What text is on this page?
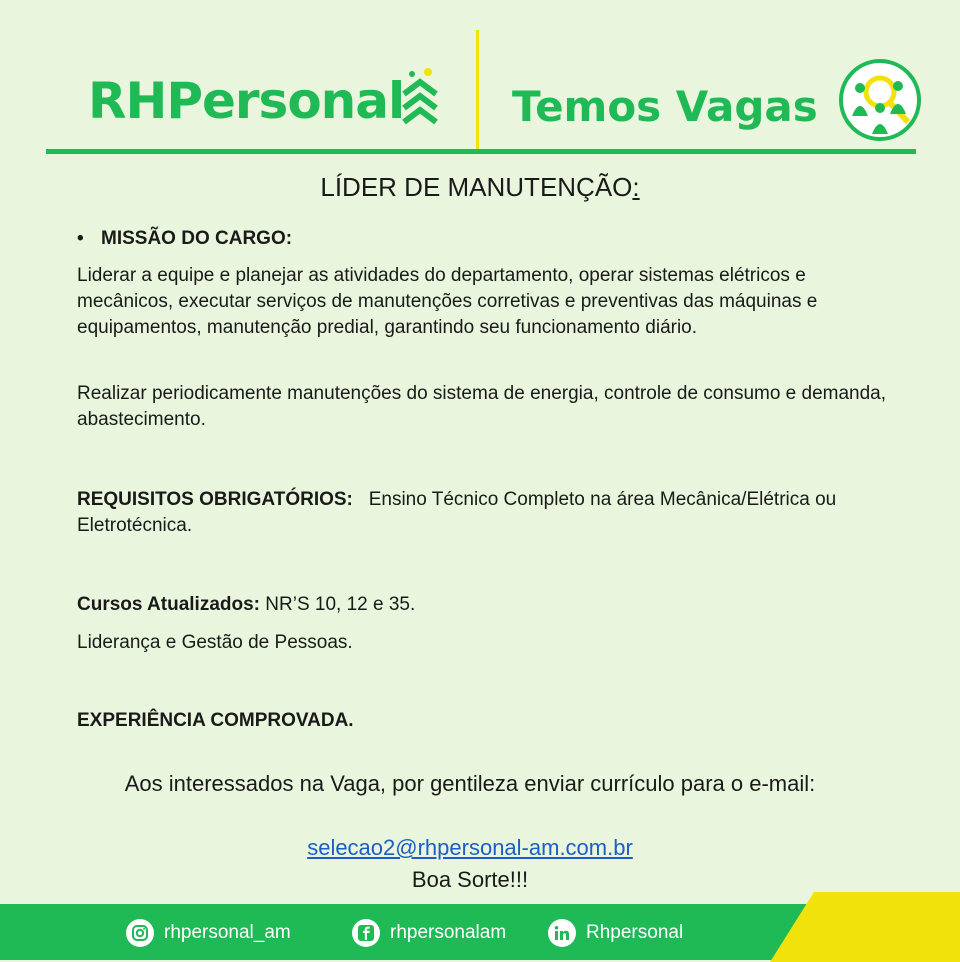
RHPersonal	Temos Vagas
LÍDER DE MANUTENÇÃO:
• MISSÃO DO CARGO:
Liderar a equipe e planejar as atividades do departamento, operar sistemas elétricos e mecânicos, executar serviços de manutenções corretivas e preventivas das máquinas e equipamentos, manutenção predial, garantindo seu funcionamento diário.
Realizar periodicamente manutenções do sistema de energia, controle de consumo e demanda, abastecimento.
REQUISITOS OBRIGATÓRIOS: Ensino Técnico Completo na área Mecânica/Elétrica ou Eletrotécnica.
Cursos Atualizados: NR’S 10, 12 e 35.
Liderança e Gestão de Pessoas.
EXPERIÊNCIA COMPROVADA.
Aos interessados na Vaga, por gentileza enviar currículo para o e-mail:
selecao2@rhpersonal-am.com.br
Boa Sorte!!!
rhpersonal_am	rhpersonalam	Rhpersonal
